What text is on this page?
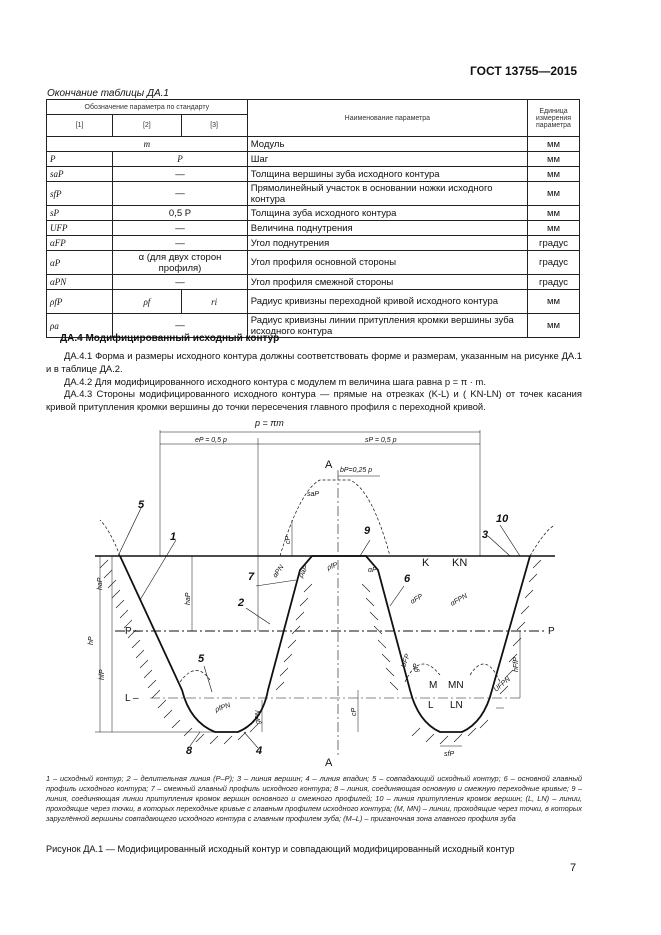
ГОСТ 13755—2015
Окончание таблицы ДА.1
Обозначение параметра по стандарту			Наименование параметра	Единица измерения параметра
[1]	[2]	[3]		
m			Модуль	мм
P	P		Шаг	мм
saP	—		Толщина вершины зуба исходного контура	мм
sfP	—		Прямолинейный участок в основании ножки исходного контура	мм
sP	0,5 P		Толщина зуба исходного контура	мм
UFP	—		Величина поднутрения	мм
αFP	—		Угол поднутрения	градус
αP	α (для двух сторон профиля)		Угол профиля основной стороны	градус
αPN	—		Угол профиля смежной стороны	градус
ρfP	ρf	ri	Радиус кривизны переходной кривой исходного контура	мм
ρa	—		Радиус кривизны линии притупления кромки вершины зуба исходного контура	мм
ДА.4 Модифицированный исходный контур
ДА.4.1 Форма и размеры исходного контура должны соответствовать форме и размерам, указанным на рисунке ДА.1 и в таблице ДА.2.
ДА.4.2 Для модифицированного исходного контура с модулем m величина шага равна p = π · m.
ДА.4.3 Стороны модифицированного исходного контура — прямые на отрезках (K-L) и ( KN-LN) от точек касания кривой притупления кромки вершины до точки пересечения главного профиля с переходной кривой.
p = πm
eP = 0,5 p	sP = 0,5 p
bP=0,25 p
A
A
K KN
P –	P
L –
M MN
L LN
5
1
2
3
4
5
6
7
8
9
10
haP
hfP
hP
haP
hFfP
cP
cP
saP
sfP
αP
αPN
αFP	αFPN
UFP
UFPN
ρfPN
ρaP ρfP
gP
gPN
1 – исходный контур; 2 – делительная линия (P–P); 3 – линия вершин; 4 – линия впадин; 5 – совпадающий исходный контур; 6 – основной главный профиль исходного контура; 7 – смежный главный профиль исходного контура; 8 – линия, соединяющая основную и смежную переходные кривые; 9 – линия, соединяющая линии притупления кромок вершин основного и смежного профилей; 10 – линия притупления кромок вершин; (L, LN) – линии, проходящие через точки, в которых переходные кривые с главным профилем исходного контура; (M, MN) – линии, проходящие через точки, в которых заруглённой вершины совпадающего исходного контура с главным профилем зуба; (M–L) – приганочная зона главного профиля зуба
Рисунок ДА.1 — Модифицированный исходный контур и совпадающий модифицированный исходный контур
7
